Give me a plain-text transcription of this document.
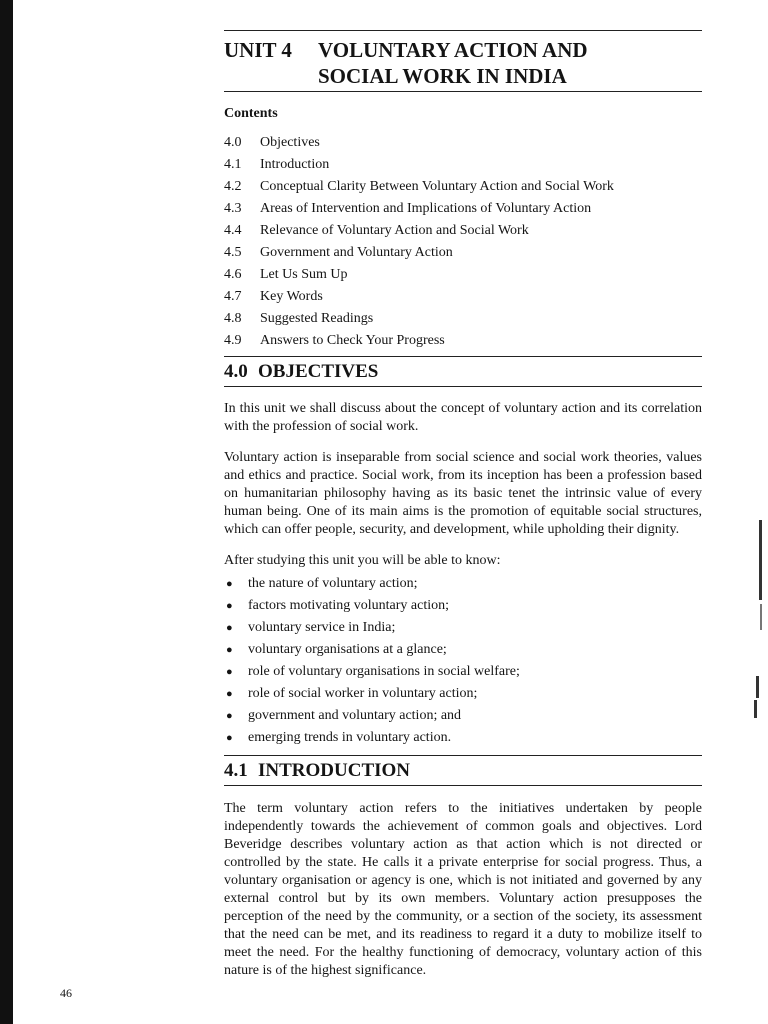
UNIT 4	VOLUNTARY ACTION AND
SOCIAL WORK IN INDIA
Contents
4.0	Objectives
4.1	Introduction
4.2	Conceptual Clarity Between Voluntary Action and Social Work
4.3	Areas of Intervention and Implications of Voluntary Action
4.4	Relevance of Voluntary Action and Social Work
4.5	Government and Voluntary Action
4.6	Let Us Sum Up
4.7	Key Words
4.8	Suggested Readings
4.9	Answers to Check Your Progress
4.0 OBJECTIVES

In this unit we shall discuss about the concept of voluntary action and its correlation with the profession of social work.

Voluntary action is inseparable from social science and social work theories, values and ethics and practice. Social work, from its inception has been a profession based on humanitarian philosophy having as its basic tenet the intrinsic value of every human being. One of its main aims is the promotion of equitable social structures, which can offer people, security, and development, while upholding their dignity.

After studying this unit you will be able to know:

●	the nature of voluntary action;
●	factors motivating voluntary action;
●	voluntary service in India;
●	voluntary organisations at a glance;
●	role of voluntary organisations in social welfare;
●	role of social worker in voluntary action;
●	government and voluntary action; and
●	emerging trends in voluntary action.
4.1 INTRODUCTION

The term voluntary action refers to the initiatives undertaken by people independently towards the achievement of common goals and objectives. Lord Beveridge describes voluntary action as that action which is not directed or controlled by the state. He calls it a private enterprise for social progress. Thus, a voluntary organisation or agency is one, which is not initiated and governed by any external control but by its own members. Voluntary action presupposes the perception of the need by the community, or a section of the society, its assessment that the need can be met, and its readiness to regard it a duty to mobilize itself to meet the need. For the healthy functioning of democracy, voluntary action of this nature is of the highest significance.

46
